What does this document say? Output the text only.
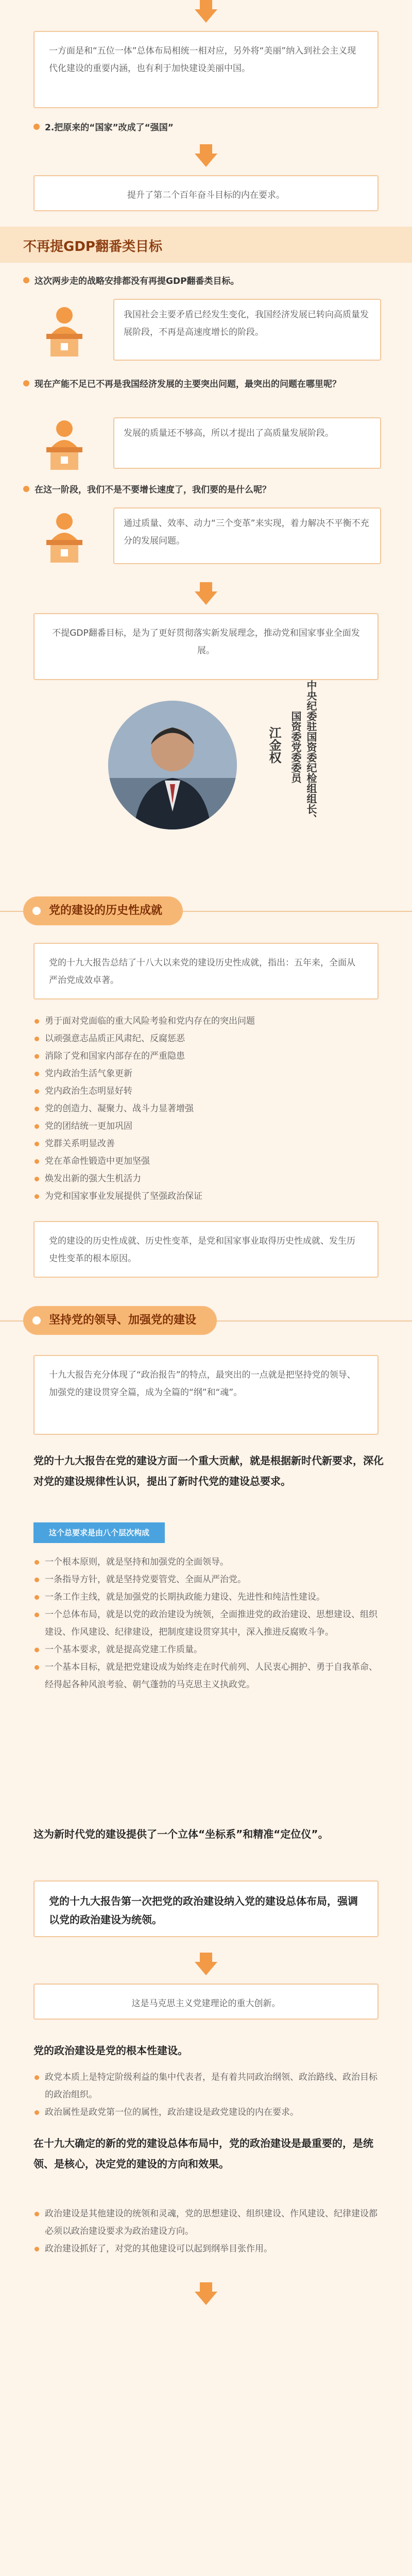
一方面是和“五位一体”总体布局相统一相对应，另外将“美丽”纳入到社会主义现代化建设的重要内涵，也有利于加快建设美丽中国。
2.把原来的“国家”改成了“强国”
提升了第二个百年奋斗目标的内在要求。
不再提GDP翻番类目标
这次两步走的战略安排都没有再提GDP翻番类目标。
我国社会主要矛盾已经发生变化，我国经济发展已转向高质量发展阶段，不再是高速度增长的阶段。
现在产能不足已不再是我国经济发展的主要突出问题，最突出的问题在哪里呢？
发展的质量还不够高，所以才提出了高质量发展阶段。
在这一阶段，我们不是不要增长速度了，我们要的是什么呢？
通过质量、效率、动力“三个变革”来实现，着力解决不平衡不充分的发展问题。
不提GDP翻番目标，是为了更好贯彻落实新发展理念，推动党和国家事业全面发展。
中央纪委驻国资委纪检组组长、
国资委党委委员
江金权
党的建设的历史性成就
党的十九大报告总结了十八大以来党的建设历史性成就，指出：五年来，全面从严治党成效卓著。
勇于面对党面临的重大风险考验和党内存在的突出问题
以顽强意志品质正风肃纪、反腐惩恶
消除了党和国家内部存在的严重隐患
党内政治生活气象更新
党内政治生态明显好转
党的创造力、凝聚力、战斗力显著增强
党的团结统一更加巩固
党群关系明显改善
党在革命性锻造中更加坚强
焕发出新的强大生机活力
为党和国家事业发展提供了坚强政治保证
党的建设的历史性成就、历史性变革，是党和国家事业取得历史性成就、发生历史性变革的根本原因。
坚持党的领导、加强党的建设
十九大报告充分体现了“政治报告”的特点，最突出的一点就是把坚持党的领导、加强党的建设贯穿全篇，成为全篇的“纲”和“魂”。
党的十九大报告在党的建设方面一个重大贡献，就是根据新时代新要求，深化对党的建设规律性认识，提出了新时代党的建设总要求。
这个总要求是由八个层次构成
一个根本原则，就是坚持和加强党的全面领导。
一条指导方针，就是坚持党要管党、全面从严治党。
一条工作主线，就是加强党的长期执政能力建设、先进性和纯洁性建设。
一个总体布局，就是以党的政治建设为统领，全面推进党的政治建设、思想建设、组织建设、作风建设、纪律建设，把制度建设贯穿其中，深入推进反腐败斗争。
一个基本要求，就是提高党建工作质量。
一个基本目标，就是把党建设成为始终走在时代前列、人民衷心拥护、勇于自我革命、经得起各种风浪考验、朝气蓬勃的马克思主义执政党。
这为新时代党的建设提供了一个立体“坐标系”和精准“定位仪”。
党的十九大报告第一次把党的政治建设纳入党的建设总体布局，强调以党的政治建设为统领。
这是马克思主义党建理论的重大创新。
党的政治建设是党的根本性建设。
政党本质上是特定阶级利益的集中代表者，是有着共同政治纲领、政治路线、政治目标的政治组织。
政治属性是政党第一位的属性，政治建设是政党建设的内在要求。
在十九大确定的新的党的建设总体布局中，党的政治建设是最重要的，是统领、是核心，决定党的建设的方向和效果。
政治建设是其他建设的统领和灵魂，党的思想建设、组织建设、作风建设、纪律建设都必须以政治建设要求为政治建设方向。
政治建设抓好了，对党的其他建设可以起到纲举目张作用。
